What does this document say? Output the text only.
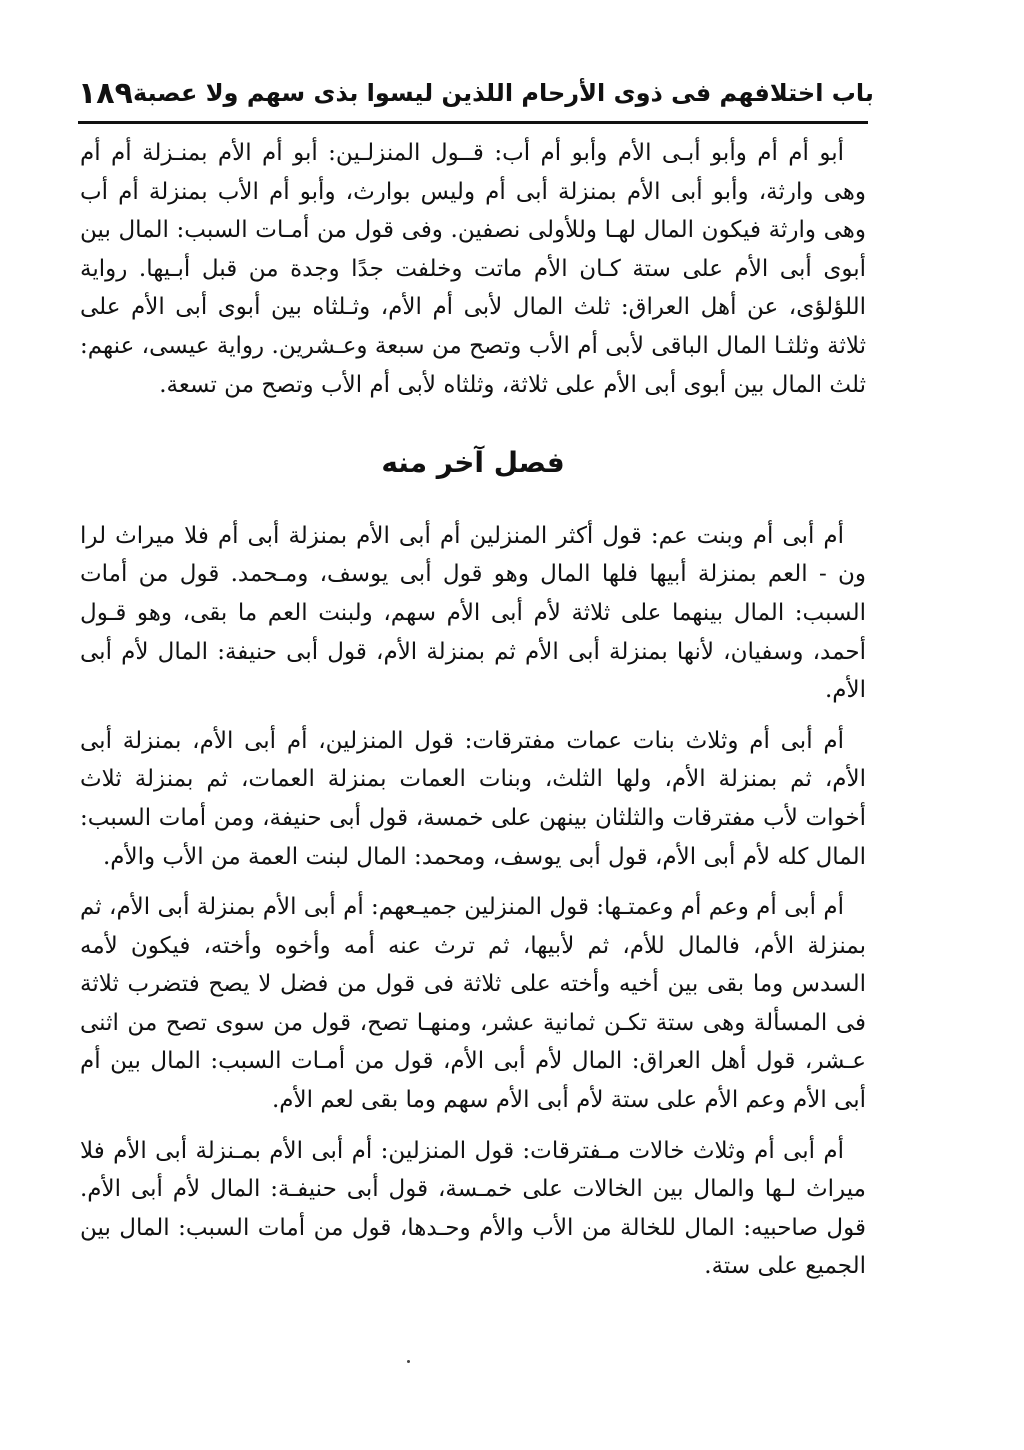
١٨٩ باب اختلافهم فى ذوى الأرحام اللذين ليسوا بذى سهم ولا عصبة

أبو أم أم وأبو أبـى الأم وأبو أم أب: قــول المنزلـين: أبو أم الأم بمنـزلة أم أم وهى وارثة، وأبو أبى الأم بمنزلة أبى أم وليس بوارث، وأبو أم الأب بمنزلة أم أب وهى وارثة فيكون المال لهـا وللأولى نصفين. وفى قول من أمـات السبب: المال بين أبوى أبى الأم على ستة كـان الأم ماتت وخلفت جدًا وجدة من قبل أبـيها. رواية اللؤلؤى، عن أهل العراق: ثلث المال لأبى أم الأم، وثـلثاه بين أبوى أبى الأم على ثلاثة وثلثـا المال الباقى لأبى أم الأب وتصح من سبعة وعـشرين. رواية عيسى، عنهم: ثلث المال بين أبوى أبى الأم على ثلاثة، وثلثاه لأبى أم الأب وتصح من تسعة.

فصل آخر منه

أم أبى أم وبنت عم: قول أكثر المنزلين أم أبى الأم بمنزلة أبى أم فلا ميراث لرا ون - العم بمنزلة أبيها فلها المال وهو قول أبى يوسف، ومـحمد. قول من أمات السبب: المال بينهما على ثلاثة لأم أبى الأم سهم، ولبنت العم ما بقى، وهو قـول أحمد، وسفيان، لأنها بمنزلة أبى الأم ثم بمنزلة الأم، قول أبى حنيفة: المال لأم أبى الأم.

أم أبى أم وثلاث بنات عمات مفترقات: قول المنزلين، أم أبى الأم، بمنزلة أبى الأم، ثم بمنزلة الأم، ولها الثلث، وبنات العمات بمنزلة العمات، ثم بمنزلة ثلاث أخوات لأب مفترقات والثلثان بينهن على خمسة، قول أبى حنيفة، ومن أمات السبب: المال كله لأم أبى الأم، قول أبى يوسف، ومحمد: المال لبنت العمة من الأب والأم.

أم أبى أم وعم أم وعمتـها: قول المنزلين جميـعهم: أم أبى الأم بمنزلة أبى الأم، ثم بمنزلة الأم، فالمال للأم، ثم لأبيها، ثم ترث عنه أمه وأخوه وأخته، فيكون لأمه السدس وما بقى بين أخيه وأخته على ثلاثة فى قول من فضل لا يصح فتضرب ثلاثة فى المسألة وهى ستة تكـن ثمانية عشر، ومنهـا تصح، قول من سوى تصح من اثنى عـشر، قول أهل العراق: المال لأم أبى الأم، قول من أمـات السبب: المال بين أم أبى الأم وعم الأم على ستة لأم أبى الأم سهم وما بقى لعم الأم.

أم أبى أم وثلاث خالات مـفترقات: قول المنزلين: أم أبى الأم بمـنزلة أبى الأم فلا ميراث لـها والمال بين الخالات على خمـسة، قول أبى حنيفـة: المال لأم أبى الأم. قول صاحبيه: المال للخالة من الأب والأم وحـدها، قول من أمات السبب: المال بين الجميع على ستة.
